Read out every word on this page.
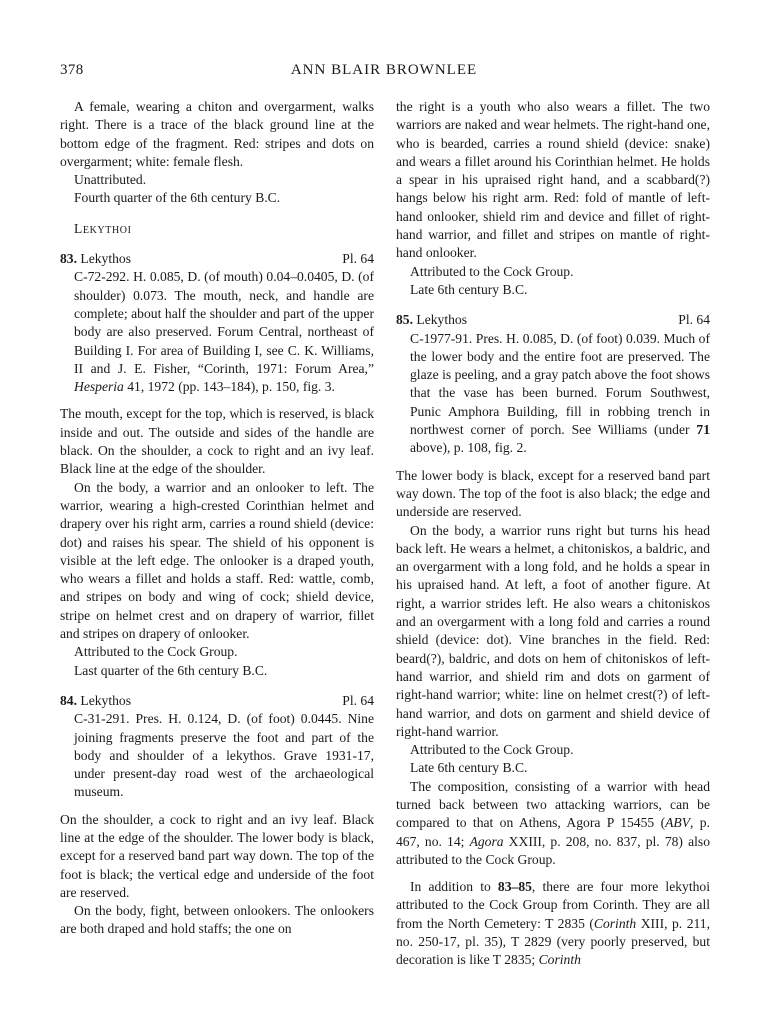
378	ANN BLAIR BROWNLEE

A female, wearing a chiton and overgarment, walks right. There is a trace of the black ground line at the bottom edge of the fragment. Red: stripes and dots on overgarment; white: female flesh.

Unattributed.

Fourth quarter of the 6th century B.C.

Lekythoi

83. Lekythos	Pl. 64

C-72-292. H. 0.085, D. (of mouth) 0.04–0.0405, D. (of shoulder) 0.073. The mouth, neck, and handle are complete; about half the shoulder and part of the upper body are also preserved. Forum Central, northeast of Building I. For area of Building I, see C. K. Williams, II and J. E. Fisher, “Corinth, 1971: Forum Area,” Hesperia 41, 1972 (pp. 143–184), p. 150, fig. 3.

The mouth, except for the top, which is reserved, is black inside and out. The outside and sides of the handle are black. On the shoulder, a cock to right and an ivy leaf. Black line at the edge of the shoulder.

On the body, a warrior and an onlooker to left. The warrior, wearing a high-crested Corinthian helmet and drapery over his right arm, carries a round shield (device: dot) and raises his spear. The shield of his opponent is visible at the left edge. The onlooker is a draped youth, who wears a fillet and holds a staff. Red: wattle, comb, and stripes on body and wing of cock; shield device, stripe on helmet crest and on drapery of warrior, fillet and stripes on drapery of onlooker.

Attributed to the Cock Group.

Last quarter of the 6th century B.C.

84. Lekythos	Pl. 64

C-31-291. Pres. H. 0.124, D. (of foot) 0.0445. Nine joining fragments preserve the foot and part of the body and shoulder of a lekythos. Grave 1931-17, under present-day road west of the archaeological museum.

On the shoulder, a cock to right and an ivy leaf. Black line at the edge of the shoulder. The lower body is black, except for a reserved band part way down. The top of the foot is black; the vertical edge and underside of the foot are reserved.

On the body, fight, between onlookers. The onlookers are both draped and hold staffs; the one on

the right is a youth who also wears a fillet. The two warriors are naked and wear helmets. The right-hand one, who is bearded, carries a round shield (device: snake) and wears a fillet around his Corinthian helmet. He holds a spear in his upraised right hand, and a scabbard(?) hangs below his right arm. Red: fold of mantle of left-hand onlooker, shield rim and device and fillet of right-hand warrior, and fillet and stripes on mantle of right-hand onlooker.

Attributed to the Cock Group.

Late 6th century B.C.

85. Lekythos	Pl. 64

C-1977-91. Pres. H. 0.085, D. (of foot) 0.039. Much of the lower body and the entire foot are preserved. The glaze is peeling, and a gray patch above the foot shows that the vase has been burned. Forum Southwest, Punic Amphora Building, fill in robbing trench in northwest corner of porch. See Williams (under 71 above), p. 108, fig. 2.

The lower body is black, except for a reserved band part way down. The top of the foot is also black; the edge and underside are reserved.

On the body, a warrior runs right but turns his head back left. He wears a helmet, a chitoniskos, a baldric, and an overgarment with a long fold, and he holds a spear in his upraised hand. At left, a foot of another figure. At right, a warrior strides left. He also wears a chitoniskos and an overgarment with a long fold and carries a round shield (device: dot). Vine branches in the field. Red: beard(?), baldric, and dots on hem of chitoniskos of left-hand warrior, and shield rim and dots on garment of right-hand warrior; white: line on helmet crest(?) of left-hand warrior, and dots on garment and shield device of right-hand warrior.

Attributed to the Cock Group.

Late 6th century B.C.

The composition, consisting of a warrior with head turned back between two attacking warriors, can be compared to that on Athens, Agora P 15455 (ABV, p. 467, no. 14; Agora XXIII, p. 208, no. 837, pl. 78) also attributed to the Cock Group.

In addition to 83–85, there are four more lekythoi attributed to the Cock Group from Corinth. They are all from the North Cemetery: T 2835 (Corinth XIII, p. 211, no. 250-17, pl. 35), T 2829 (very poorly preserved, but decoration is like T 2835; Corinth
